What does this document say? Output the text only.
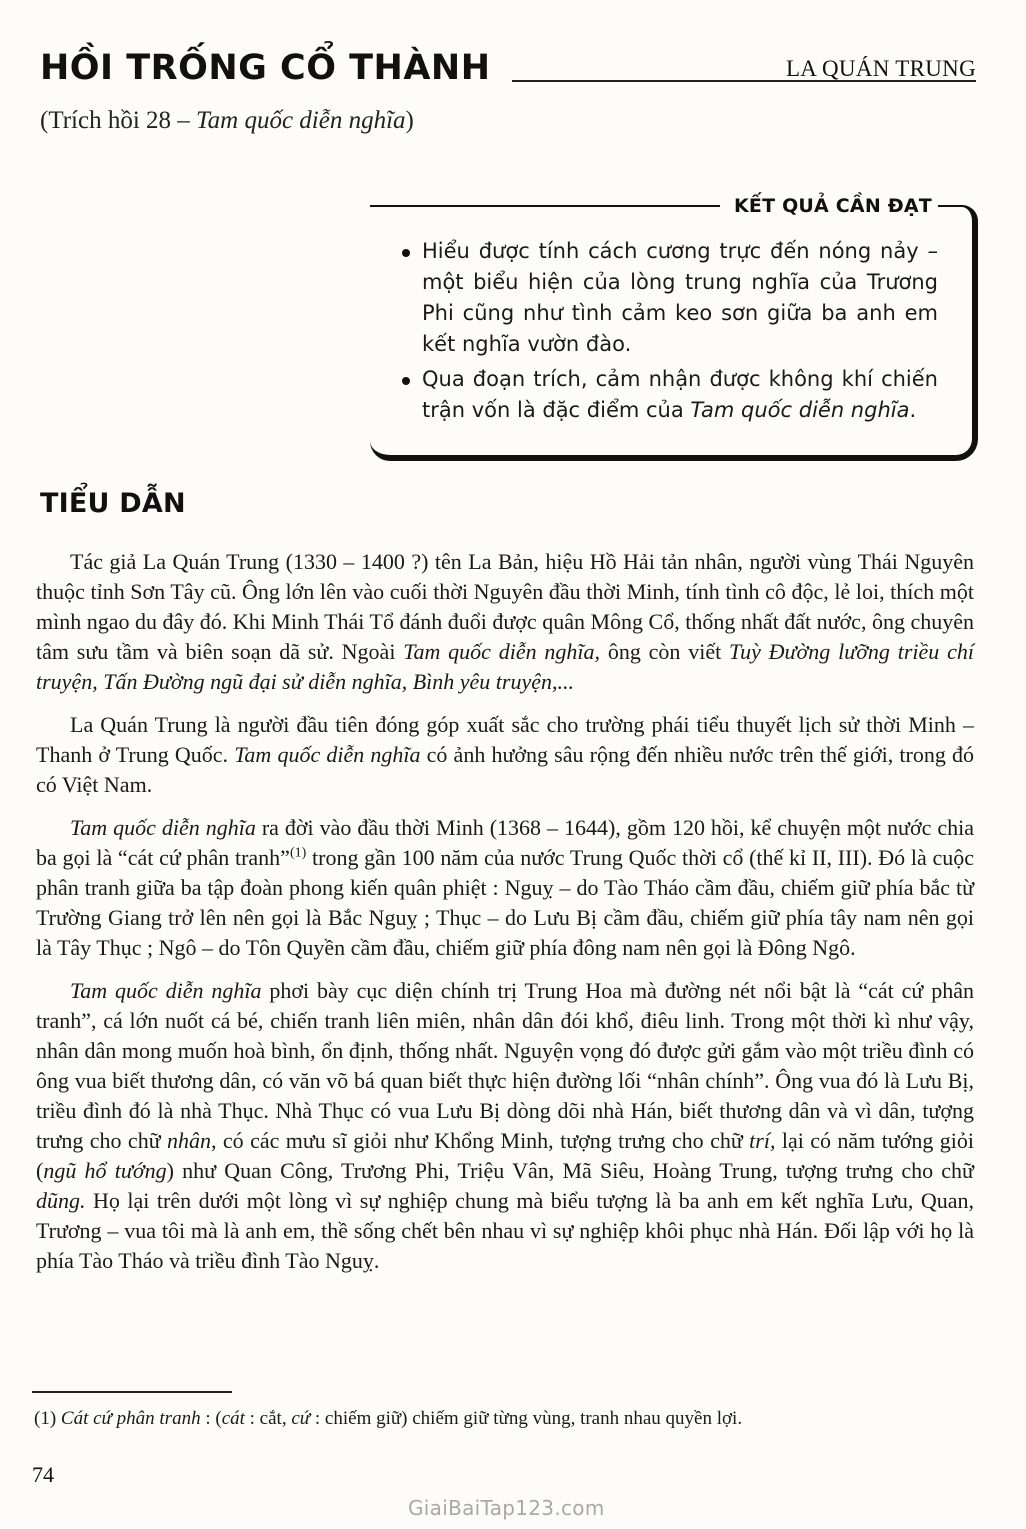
HỒI TRỐNG CỔ THÀNH	LA QUÁN TRUNG
(Trích hồi 28 – Tam quốc diễn nghĩa)
KẾT QUẢ CẦN ĐẠT
Hiểu được tính cách cương trực đến nóng nảy – một biểu hiện của lòng trung nghĩa của Trương Phi cũng như tình cảm keo sơn giữa ba anh em kết nghĩa vườn đào.
Qua đoạn trích, cảm nhận được không khí chiến trận vốn là đặc điểm của Tam quốc diễn nghĩa.
TIỂU DẪN

Tác giả La Quán Trung (1330 – 1400 ?) tên La Bản, hiệu Hồ Hải tản nhân, người vùng Thái Nguyên thuộc tỉnh Sơn Tây cũ. Ông lớn lên vào cuối thời Nguyên đầu thời Minh, tính tình cô độc, lẻ loi, thích một mình ngao du đây đó. Khi Minh Thái Tổ đánh đuổi được quân Mông Cổ, thống nhất đất nước, ông chuyên tâm sưu tầm và biên soạn dã sử. Ngoài Tam quốc diễn nghĩa, ông còn viết Tuỳ Đường lưỡng triều chí truyện, Tấn Đường ngũ đại sử diễn nghĩa, Bình yêu truyện,...

La Quán Trung là người đầu tiên đóng góp xuất sắc cho trường phái tiểu thuyết lịch sử thời Minh – Thanh ở Trung Quốc. Tam quốc diễn nghĩa có ảnh hưởng sâu rộng đến nhiều nước trên thế giới, trong đó có Việt Nam.

Tam quốc diễn nghĩa ra đời vào đầu thời Minh (1368 – 1644), gồm 120 hồi, kể chuyện một nước chia ba gọi là “cát cứ phân tranh”$^{(1)}$ trong gần 100 năm của nước Trung Quốc thời cổ (thế kỉ II, III). Đó là cuộc phân tranh giữa ba tập đoàn phong kiến quân phiệt : Nguỵ – do Tào Tháo cầm đầu, chiếm giữ phía bắc từ Trường Giang trở lên nên gọi là Bắc Nguỵ ; Thục – do Lưu Bị cầm đầu, chiếm giữ phía tây nam nên gọi là Tây Thục ; Ngô – do Tôn Quyền cầm đầu, chiếm giữ phía đông nam nên gọi là Đông Ngô.

Tam quốc diễn nghĩa phơi bày cục diện chính trị Trung Hoa mà đường nét nổi bật là “cát cứ phân tranh”, cá lớn nuốt cá bé, chiến tranh liên miên, nhân dân đói khổ, điêu linh. Trong một thời kì như vậy, nhân dân mong muốn hoà bình, ổn định, thống nhất. Nguyện vọng đó được gửi gắm vào một triều đình có ông vua biết thương dân, có văn võ bá quan biết thực hiện đường lối “nhân chính”. Ông vua đó là Lưu Bị, triều đình đó là nhà Thục. Nhà Thục có vua Lưu Bị dòng dõi nhà Hán, biết thương dân và vì dân, tượng trưng cho chữ nhân, có các mưu sĩ giỏi như Khổng Minh, tượng trưng cho chữ trí, lại có năm tướng giỏi (ngũ hổ tướng) như Quan Công, Trương Phi, Triệu Vân, Mã Siêu, Hoàng Trung, tượng trưng cho chữ dũng. Họ lại trên dưới một lòng vì sự nghiệp chung mà biểu tượng là ba anh em kết nghĩa Lưu, Quan, Trương – vua tôi mà là anh em, thề sống chết bên nhau vì sự nghiệp khôi phục nhà Hán. Đối lập với họ là phía Tào Tháo và triều đình Tào Nguỵ.

(1) Cát cứ phân tranh : (cát : cắt, cứ : chiếm giữ) chiếm giữ từng vùng, tranh nhau quyền lợi.

74
GiaiBaiTap123.com
